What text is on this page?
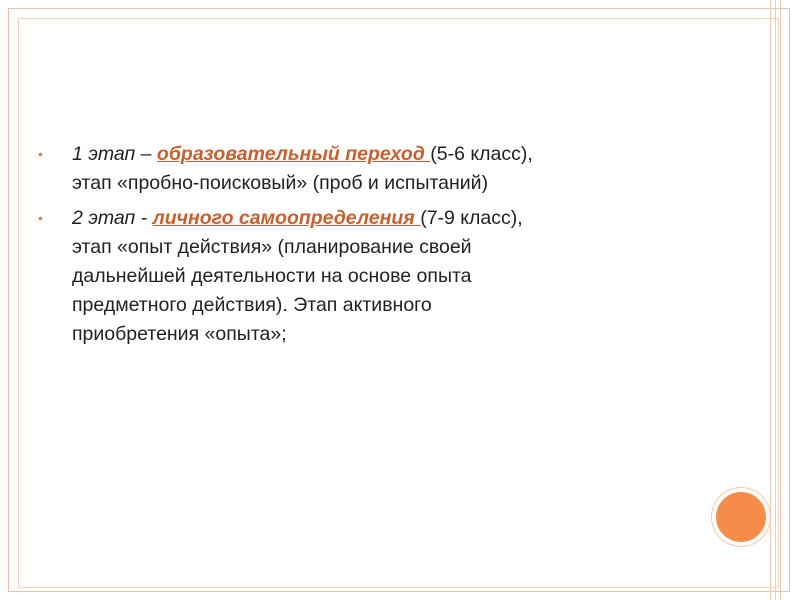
• 1 этап – образовательный переход (5-6 класс),
этап «пробно-поисковый» (проб и испытаний)
• 2 этап - личного самоопределения (7-9 класс),
этап «опыт действия» (планирование своей
дальнейшей деятельности на основе опыта
предметного действия). Этап активного
приобретения «опыта»;
